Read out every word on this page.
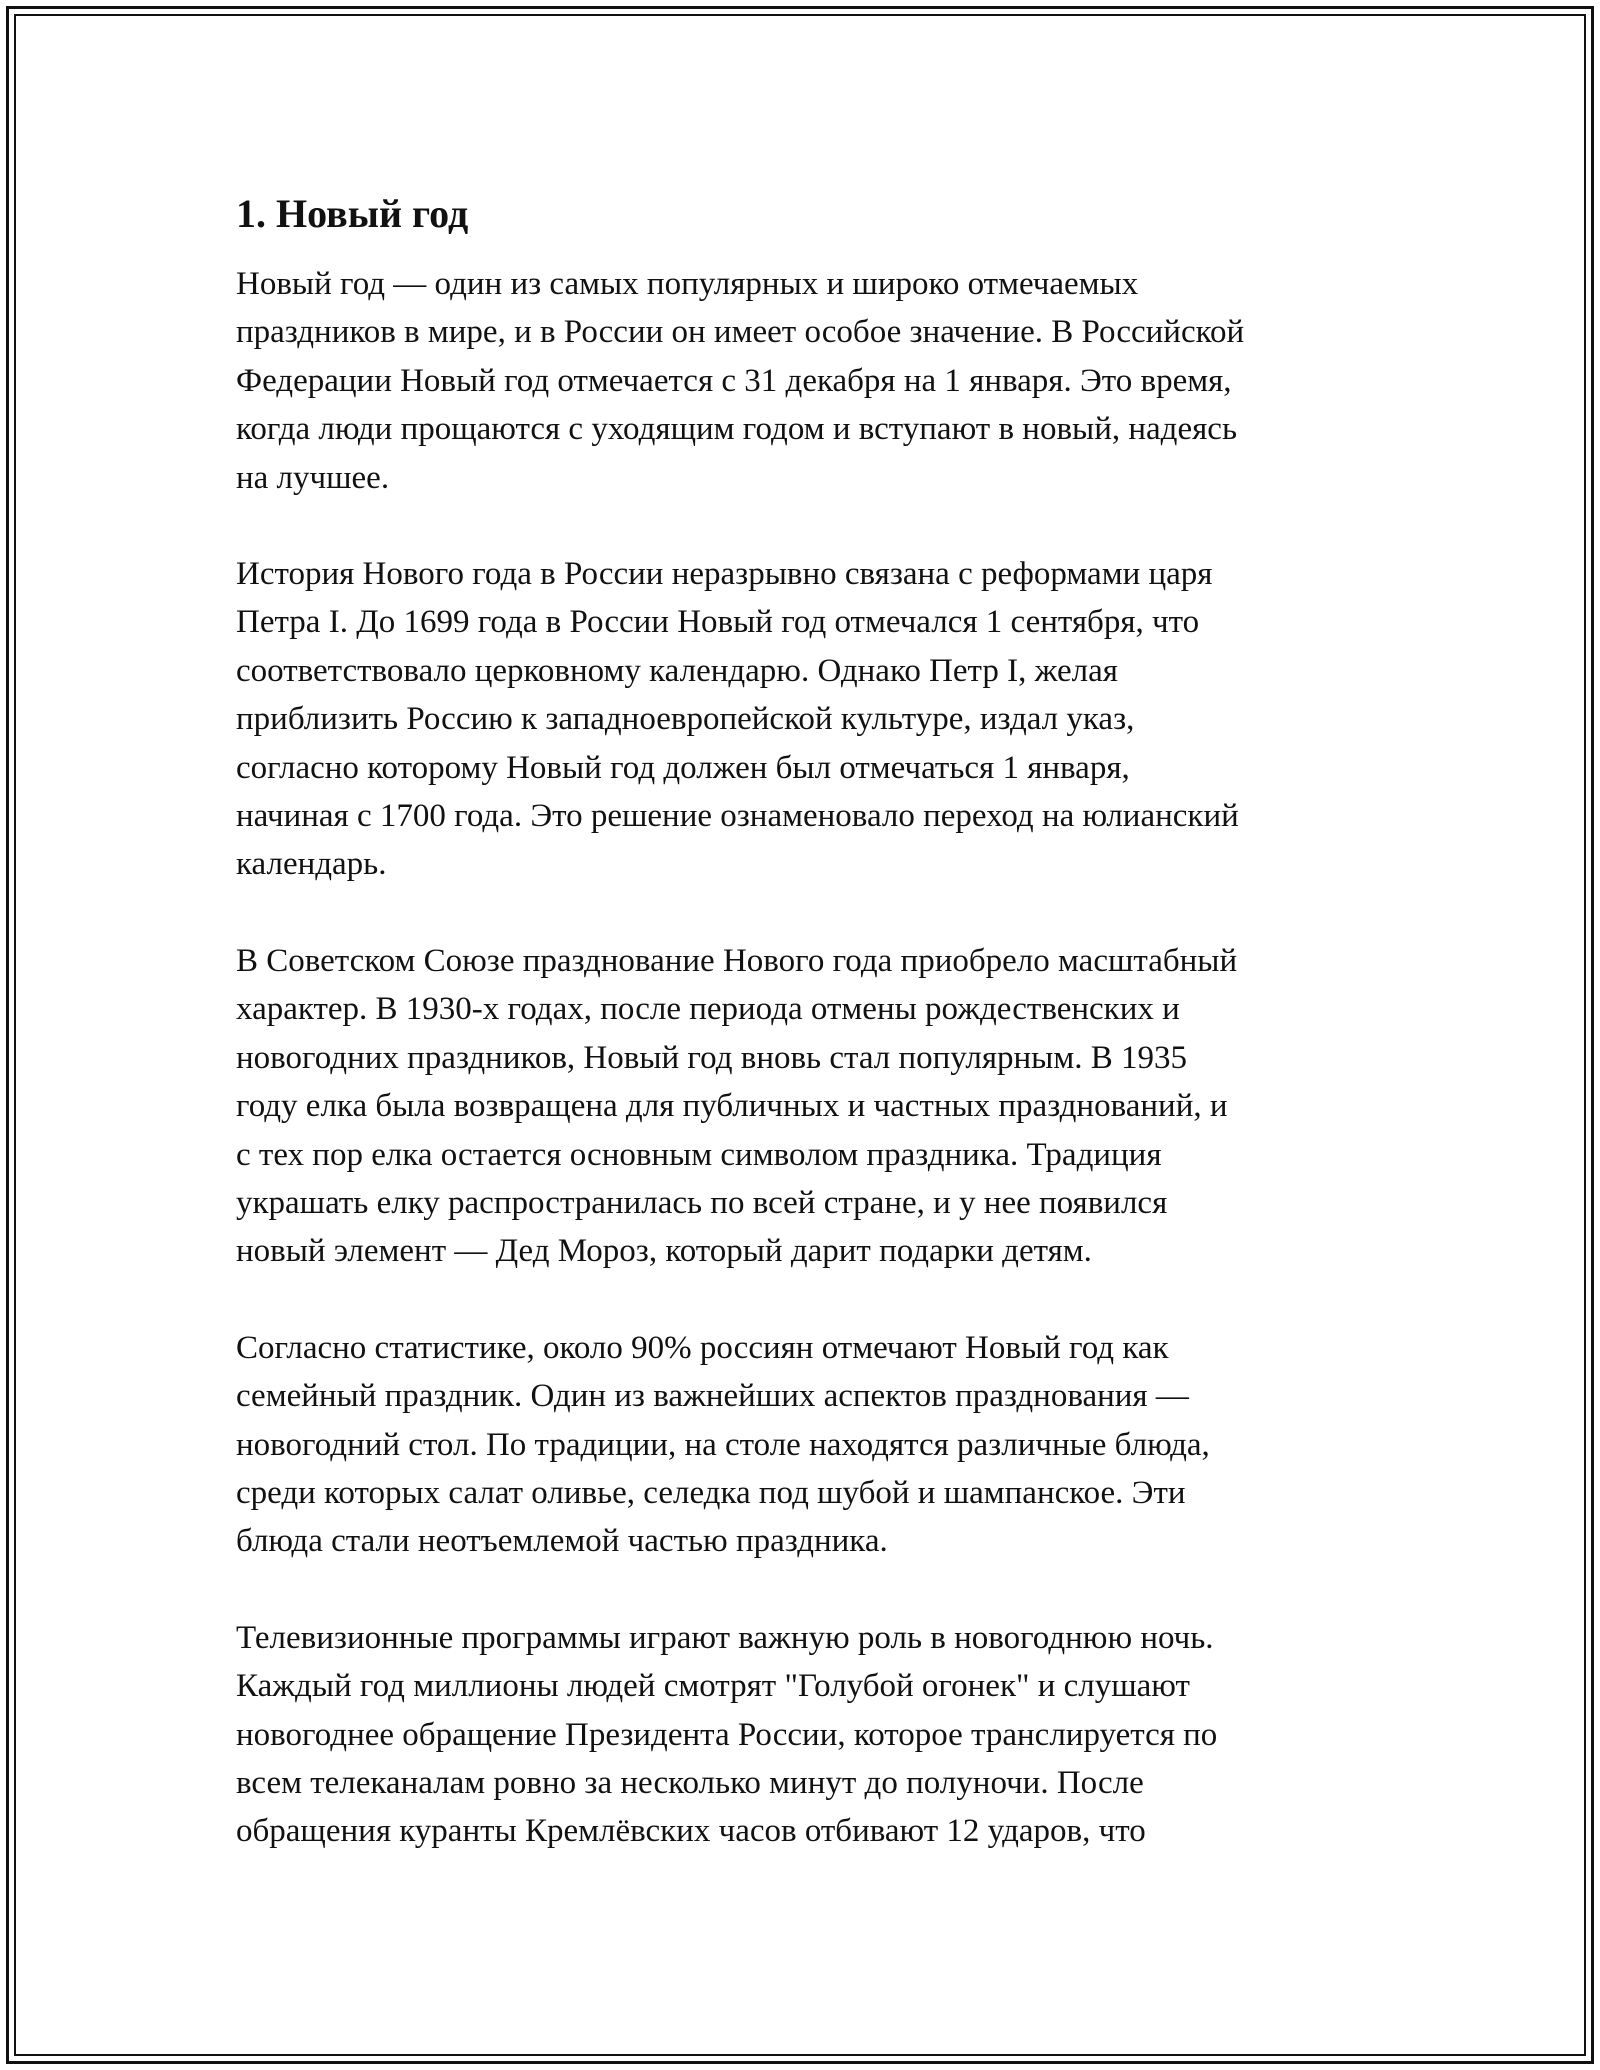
1. Новый год

Новый год — один из самых популярных и широко отмечаемых
праздников в мире, и в России он имеет особое значение. В Российской
Федерации Новый год отмечается с 31 декабря на 1 января. Это время,
когда люди прощаются с уходящим годом и вступают в новый, надеясь
на лучшее.

История Нового года в России неразрывно связана с реформами царя
Петра I. До 1699 года в России Новый год отмечался 1 сентября, что
соответствовало церковному календарю. Однако Петр I, желая
приблизить Россию к западноевропейской культуре, издал указ,
согласно которому Новый год должен был отмечаться 1 января,
начиная с 1700 года. Это решение ознаменовало переход на юлианский
календарь.

В Советском Союзе празднование Нового года приобрело масштабный
характер. В 1930-х годах, после периода отмены рождественских и
новогодних праздников, Новый год вновь стал популярным. В 1935
году елка была возвращена для публичных и частных празднований, и
с тех пор елка остается основным символом праздника. Традиция
украшать елку распространилась по всей стране, и у нее появился
новый элемент — Дед Мороз, который дарит подарки детям.

Согласно статистике, около 90% россиян отмечают Новый год как
семейный праздник. Один из важнейших аспектов празднования —
новогодний стол. По традиции, на столе находятся различные блюда,
среди которых салат оливье, селедка под шубой и шампанское. Эти
блюда стали неотъемлемой частью праздника.

Телевизионные программы играют важную роль в новогоднюю ночь.
Каждый год миллионы людей смотрят "Голубой огонек" и слушают
новогоднее обращение Президента России, которое транслируется по
всем телеканалам ровно за несколько минут до полуночи. После
обращения куранты Кремлёвских часов отбивают 12 ударов, что
